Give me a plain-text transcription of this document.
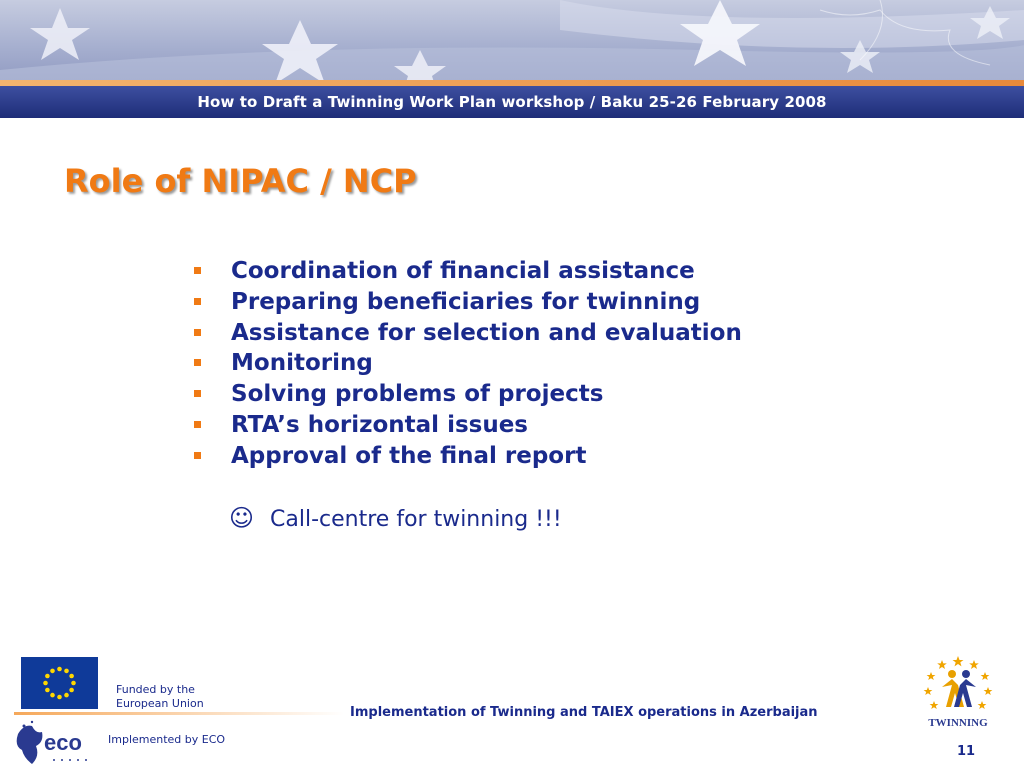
How to Draft a Twinning Work Plan workshop / Baku 25-26 February 2008
Role of NIPAC / NCP
Coordination of financial assistance
Preparing beneficiaries for twinning
Assistance for selection and evaluation
Monitoring
Solving problems of projects
RTA’s horizontal issues
Approval of the final report
☺ Call-centre for twinning !!!
Funded by the
European Union
eco Implemented by ECO
Implementation of Twinning and TAIEX operations in Azerbaijan
TWINNING
11
